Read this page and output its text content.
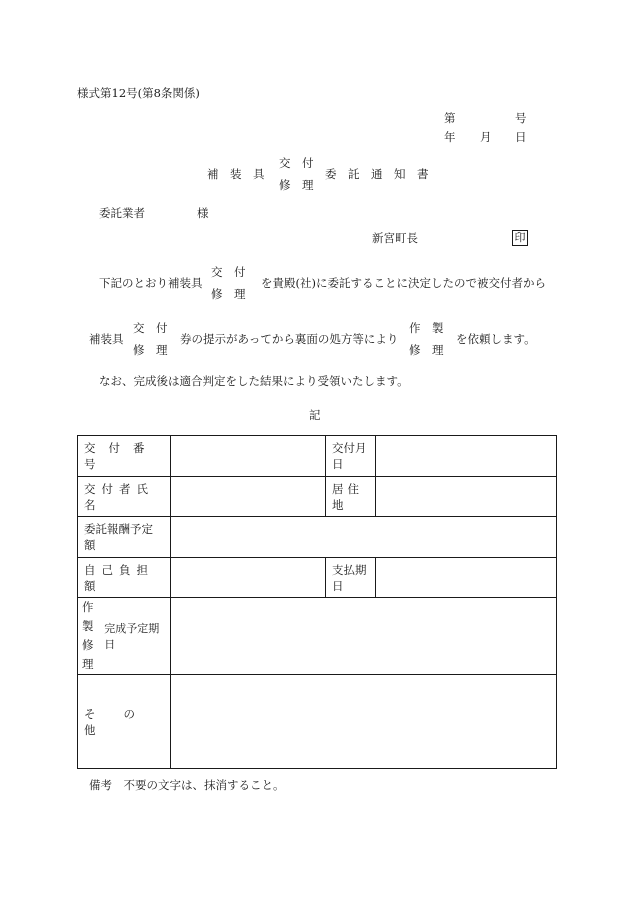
様式第12号(第8条関係)
第	号
年 月 日
補　装　具
交　付
修　理
委　託　通　知　書
委託業者	様
新宮町長	印
下記のとおり補装具
交　付
修　理
を貴殿(社)に委託することに決定したので被交付者から
補装具
交　付
修　理
券の提示があってから裏面の処方等により
作　製
修　理
を依頼します。
なお、完成後は適合判定をした結果により受領いたします。
記
交付番号		交付月日	

交付者氏名		居住地	

委託報酬予定額			

自己負担額		支払期日	

作製
修理
完成予定期日			

その他			

備考　不要の文字は、抹消すること。
